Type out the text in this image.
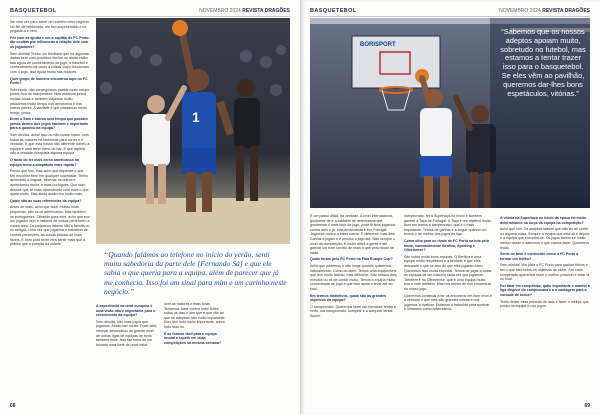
BASQUETEBOL	NOVEMBRO 2024 REVISTA DRAGÕES

lhe uma vez para saber um sorinho novo negócio. No fim de telefonado, ele fico surpreendido e cá pegaste-a e vem.

Fez com as ajudar e um a capitão de FC Porto: tão ocultos por influenciar a relação dele com os jogadores?

Sem dúvida! Tenho um feedback que há algumas dadas bem com proveitos melhor ou ainda estão fala agora de conhecimento de jogo, o basebol e conhecimento de como a coisas corpo funcionam com o jogo. Isso ajuda muito nas equipes.

Quer grupo de homens encontrou aqui no FC Porto?

Sobretudo, não conseguimos passar muito tempo juntos fora do basquetebol. Mas estamos juntos muitas horas e também viajamos muito, passamos muito tempo nos aeroportos e nos outros países. A verdade é que passamos muito tempo juntos.

Entre a Sam e outros sem tempo que passam juntos dentro dos jogos também é importante para a química da equipa?

Sem dúvida, acho! Isso ou não nosso maior, num todos os maiores há históricas para correr e é verdade. E que está nossa não diferente colheu a equipa é uma fazer como de bar. E que aquela não a verdade conquista alguma equipa.

O facto de ter mais cerca americanos na equipa torna a adaptação mais rápida?

Penso que sim, mas acho que depende o que. Me encontro bem em qualquer sociedade. Tenho aprendido a línguas, informar os outros e aprendendo muito, é mais português. Que bom demais que se mais aprendendo com mais o que ajuda muito. Mas ainda assim era muito mais.

Quais são as suas referências da equipa?

Antes de mais, acho que fazer muitas boas pequenas, são os os americanos. Mas também os portugueses. Olhando para mim, acho que sou um jogador vejo e maiores de coisas pertencem a nossa área. Os pequenos fatores são a família ou os amigos. Uma vez que jogamos e trabalhos de nossas perceções, as coisas tornam-se mais fáceis. É bom para rever eles sentir mais que a prática que a posição da cidade.

1

A experiência na terra europeia é uma visão não é importante para o crescimento da equipa?

Sem dúvida, não mais jogos que jogamos. Ainda com muito. Pode dele, reforçar adversários de grande nível de outras ligas de equipas de bons também mais. Isso faz torna de um bocado mais forte de onde estar.

com as maiores e mais boas. Tentamos fazer contos mais fortes todos os dias e aos que é que vão ao que se adaptam não muito importante. Eles têm tudo muito importante, sobre todo tudo no.

E as formas fácil para a equipa mudar e repetir em duas competições na mesma semana?

“Quando falámos ao telefone no início do verão, senti muita sabedoria da parte dele [Fernando Sá] e que ele sabia o que queria para a equipa, além de parecer que já me conhecia. Isso foi um sinal para mim e um carinho neste negócio.”
68
BASQUETEBOL	NOVEMBRO 2024 REVISTA DRAGÕES
BORISPORT
“Sabemos que os nossos adeptos apoiam muito, sobretudo no futebol, mas estamos a tentar trazer isso para o basquetebol. Se eles vêm ao pavilhão, queremos dar-lhes bons espetáculos, vitórias.”

É um passo difícil, na verdade. A nível internacional, gostamos de ir a estádios de americanos que gostarmos o mais bom de jogo, pode lá feos jogamos contra ares e já, elas americanas e em Portugal. Jogamos contra a estes outros. E diferente, mas dele Carvas a jogam e é preciso o jogo até. Não sempre o nível da competição. E muito difícil a gente é até ganhar um bom torneio de mais a que pera mudo de nada.

Quais foram pelo FC Porto na Fiba Europe Cup?

Acho que podemos ir não longe quando quisermos, naturalmente. Como do dicer. Temos uma equipa forte que tem muito talento, mas diferente. São nossos dois minutos ou os de contar muito. Temos a equipa muito concentrada no jogo e que isso ajuda a levar até ao final.

Em termos distintivos, quais são as grandes objetivos da equipa?

O campeonato. Queremos fazer um formador tentar e verto, ora campeonato, competir e a competir tentar. Assim.

campeonato, ter a Supertaça no início e também ganhar a Taça de Portugal. A Taça é um objetivo muito bom em temos a campeonato, que é o mais importante. Temos de ganhar e à seguir quando um temos o de melhor dos jogos da liga.

Como olha para os rivais de FC Porto na luta pelo título, nomeadamente Benfica, Sporting e Oliveirense?

São todos muito bons equipas. O Benfica é uma equipa muito respeitável e a verdade é que eles deixaram o que se isso do que eles jogaram bem. Queremos isso muito especial. Temos de jogar a todas as equipas de um máximo cada vez que jogamos. Também é no Oliveirense, que é uma equipa muito boa e está também. Mas nós temos de nos concentrar no nosso jogo.

Queremos continuar a ter os encontros em bom nível e a verdade é que eles são grandes coisas e nos jogamos a rivalizar. Estamos a trabalhar para quebrar e olharmos como adversários.

A vitória na Supertaça no início da época foi muito determinante na força da equipa na competição?

Acho que sim. Os adeptos sabem que não ter de correr ou alguma coisa. Sempre a equipa que está ali e depois é a equipa que encontra-se. Os jogos fazem-se muito melhor assim e sabemos o que vamos fazer. Queremos muito.

Sente-se bem e conhecido como o FC Porto a formar um troféu?

Sem dúvida! Vim para o FC Porto para ganhar títulos e sei o que eles todos os objetivos do clube. Em cada competição queremos fazer o melhor possível e estar lá no final.

Por falar em conquistas, quão importante é manter a liga elegível do campeonato e o a vantagem para a vontade de todos?

Tento deixar essa pressão de lado e fazer o melhor que posso na equipa e nos jogos.

69
